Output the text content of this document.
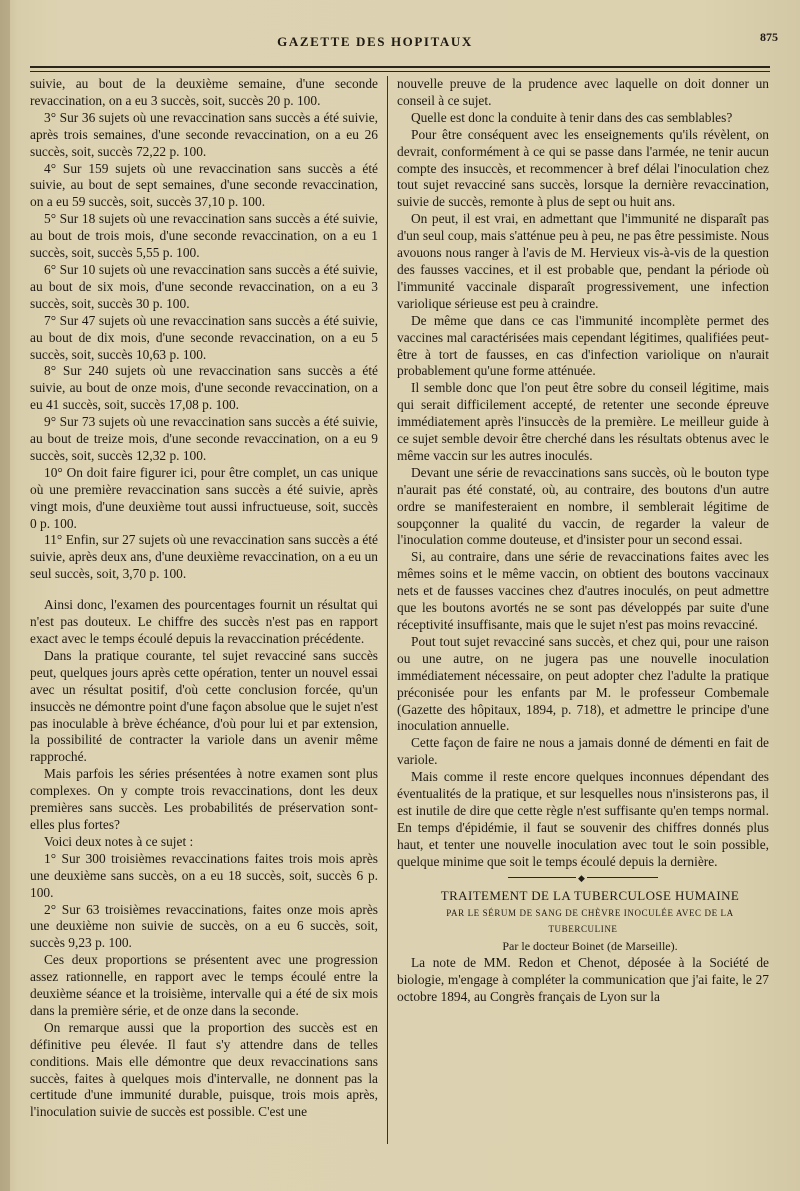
GAZETTE DES HOPITAUX	875

suivie, au bout de la deuxième semaine, d'une seconde revaccination, on a eu 3 succès, soit, succès 20 p. 100.

3° Sur 36 sujets où une revaccination sans succès a été suivie, après trois semaines, d'une seconde revaccination, on a eu 26 succès, soit, succès 72,22 p. 100.

4° Sur 159 sujets où une revaccination sans succès a été suivie, au bout de sept semaines, d'une seconde revaccination, on a eu 59 succès, soit, succès 37,10 p. 100.

5° Sur 18 sujets où une revaccination sans succès a été suivie, au bout de trois mois, d'une seconde revaccination, on a eu 1 succès, soit, succès 5,55 p. 100.

6° Sur 10 sujets où une revaccination sans succès a été suivie, au bout de six mois, d'une seconde revaccination, on a eu 3 succès, soit, succès 30 p. 100.

7° Sur 47 sujets où une revaccination sans succès a été suivie, au bout de dix mois, d'une seconde revaccination, on a eu 5 succès, soit, succès 10,63 p. 100.

8° Sur 240 sujets où une revaccination sans succès a été suivie, au bout de onze mois, d'une seconde revaccination, on a eu 41 succès, soit, succès 17,08 p. 100.

9° Sur 73 sujets où une revaccination sans succès a été suivie, au bout de treize mois, d'une seconde revaccination, on a eu 9 succès, soit, succès 12,32 p. 100.

10° On doit faire figurer ici, pour être complet, un cas unique où une première revaccination sans succès a été suivie, après vingt mois, d'une deuxième tout aussi infructueuse, soit, succès 0 p. 100.

11° Enfin, sur 27 sujets où une revaccination sans succès a été suivie, après deux ans, d'une deuxième revaccination, on a eu un seul succès, soit, 3,70 p. 100.

Ainsi donc, l'examen des pourcentages fournit un résultat qui n'est pas douteux. Le chiffre des succès n'est pas en rapport exact avec le temps écoulé depuis la revaccination précédente.

Dans la pratique courante, tel sujet revacciné sans succès peut, quelques jours après cette opération, tenter un nouvel essai avec un résultat positif, d'où cette conclusion forcée, qu'un insuccès ne démontre point d'une façon absolue que le sujet n'est pas inoculable à brève échéance, d'où pour lui et par extension, la possibilité de contracter la variole dans un avenir même rapproché.

Mais parfois les séries présentées à notre examen sont plus complexes. On y compte trois revaccinations, dont les deux premières sans succès. Les probabilités de préservation sont-elles plus fortes?

Voici deux notes à ce sujet :

1° Sur 300 troisièmes revaccinations faites trois mois après une deuxième sans succès, on a eu 18 succès, soit, succès 6 p. 100.

2° Sur 63 troisièmes revaccinations, faites onze mois après une deuxième non suivie de succès, on a eu 6 succès, soit, succès 9,23 p. 100.

Ces deux proportions se présentent avec une progression assez rationnelle, en rapport avec le temps écoulé entre la deuxième séance et la troisième, intervalle qui a été de six mois dans la première série, et de onze dans la seconde.

On remarque aussi que la proportion des succès est en définitive peu élevée. Il faut s'y attendre dans de telles conditions. Mais elle démontre que deux revaccinations sans succès, faites à quelques mois d'intervalle, ne donnent pas la certitude d'une immunité durable, puisque, trois mois après, l'inoculation suivie de succès est possible. C'est une

nouvelle preuve de la prudence avec laquelle on doit donner un conseil à ce sujet.

Quelle est donc la conduite à tenir dans des cas semblables?

Pour être conséquent avec les enseignements qu'ils révèlent, on devrait, conformément à ce qui se passe dans l'armée, ne tenir aucun compte des insuccès, et recommencer à bref délai l'inoculation chez tout sujet revacciné sans succès, lorsque la dernière revaccination, suivie de succès, remonte à plus de sept ou huit ans.

On peut, il est vrai, en admettant que l'immunité ne disparaît pas d'un seul coup, mais s'atténue peu à peu, ne pas être pessimiste. Nous avouons nous ranger à l'avis de M. Hervieux vis-à-vis de la question des fausses vaccines, et il est probable que, pendant la période où l'immunité vaccinale disparaît progressivement, une infection variolique sérieuse est peu à craindre.

De même que dans ce cas l'immunité incomplète permet des vaccines mal caractérisées mais cependant légitimes, qualifiées peut-être à tort de fausses, en cas d'infection variolique on n'aurait probablement qu'une forme atténuée.

Il semble donc que l'on peut être sobre du conseil légitime, mais qui serait difficilement accepté, de retenter une seconde épreuve immédiatement après l'insuccès de la première. Le meilleur guide à ce sujet semble devoir être cherché dans les résultats obtenus avec le même vaccin sur les autres inoculés.

Devant une série de revaccinations sans succès, où le bouton type n'aurait pas été constaté, où, au contraire, des boutons d'un autre ordre se manifesteraient en nombre, il semblerait légitime de soupçonner la qualité du vaccin, de regarder la valeur de l'inoculation comme douteuse, et d'insister pour un second essai.

Si, au contraire, dans une série de revaccinations faites avec les mêmes soins et le même vaccin, on obtient des boutons vaccinaux nets et de fausses vaccines chez d'autres inoculés, on peut admettre que les boutons avortés ne se sont pas développés par suite d'une réceptivité insuffisante, mais que le sujet n'est pas moins revacciné.

Pout tout sujet revacciné sans succès, et chez qui, pour une raison ou une autre, on ne jugera pas une nouvelle inoculation immédiatement nécessaire, on peut adopter chez l'adulte la pratique préconisée pour les enfants par M. le professeur Combemale (Gazette des hôpitaux, 1894, p. 718), et admettre le principe d'une inoculation annuelle.

Cette façon de faire ne nous a jamais donné de démenti en fait de variole.

Mais comme il reste encore quelques inconnues dépendant des éventualités de la pratique, et sur lesquelles nous n'insisterons pas, il est inutile de dire que cette règle n'est suffisante qu'en temps normal. En temps d'épidémie, il faut se souvenir des chiffres donnés plus haut, et tenter une nouvelle inoculation avec tout le soin possible, quelque minime que soit le temps écoulé depuis la dernière.

◆

TRAITEMENT DE LA TUBERCULOSE HUMAINE

PAR LE SÉRUM DE SANG DE CHÈVRE INOCULÉE AVEC DE LA TUBERCULINE

Par le docteur Boinet (de Marseille).

La note de MM. Redon et Chenot, déposée à la Société de biologie, m'engage à compléter la communication que j'ai faite, le 27 octobre 1894, au Congrès français de Lyon sur la
